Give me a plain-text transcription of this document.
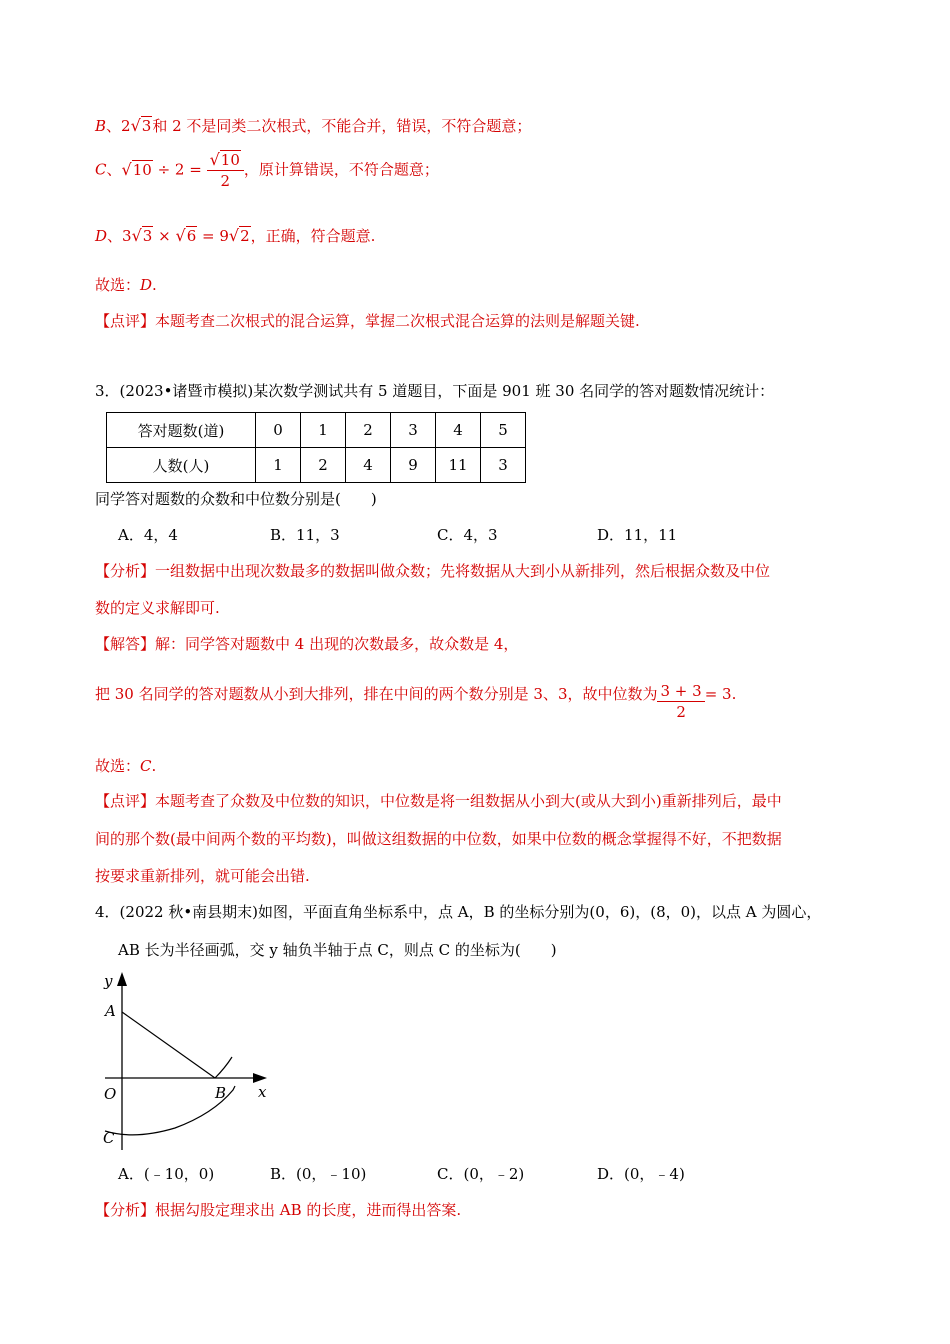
B、2√3和 2 不是同类二次根式，不能合并，错误，不符合题意；
C、$√10 \div 2 = \frac{√10}{2}$ ，原计算错误，不符合题意；
D、3√3 × √6 = 9√2，正确，符合题意.
故选：D.
【点评】本题考查二次根式的混合运算，掌握二次根式混合运算的法则是解题关键.
3．(2023•诸暨市模拟)某次数学测试共有 5 道题目，下面是 901 班 30 名同学的答对题数情况统计：
答对题数(道)	0	1	2	3	4	5
人数(人)	1	2	4	9	11	3
同学答对题数的众数和中位数分别是(　　)
A．4，4	B．11，3	C．4，3	D．11，11
【分析】一组数据中出现次数最多的数据叫做众数；先将数据从大到小从新排列，然后根据众数及中位
数的定义求解即可.
【解答】解：同学答对题数中 4 出现的次数最多，故众数是 4，
把 30 名同学的答对题数从小到大排列，排在中间的两个数分别是 3、3，故中位数为 $\frac{3 + 3}{2} = 3$.
故选：C.
【点评】本题考查了众数及中位数的知识，中位数是将一组数据从小到大(或从大到小)重新排列后，最中
间的那个数(最中间两个数的平均数)，叫做这组数据的中位数，如果中位数的概念掌握得不好，不把数据
按要求重新排列，就可能会出错.
4．(2022 秋•南县期末)如图，平面直角坐标系中，点 A，B 的坐标分别为(0，6)，(8，0)，以点 A 为圆心，
AB 长为半径画弧，交 y 轴负半轴于点 C，则点 C 的坐标为(　　)
y
x
A
O	B
C
A．(﹣10，0)	B．(0，﹣10)	C．(0，﹣2)	D．(0，﹣4)
【分析】根据勾股定理求出 AB 的长度，进而得出答案.
